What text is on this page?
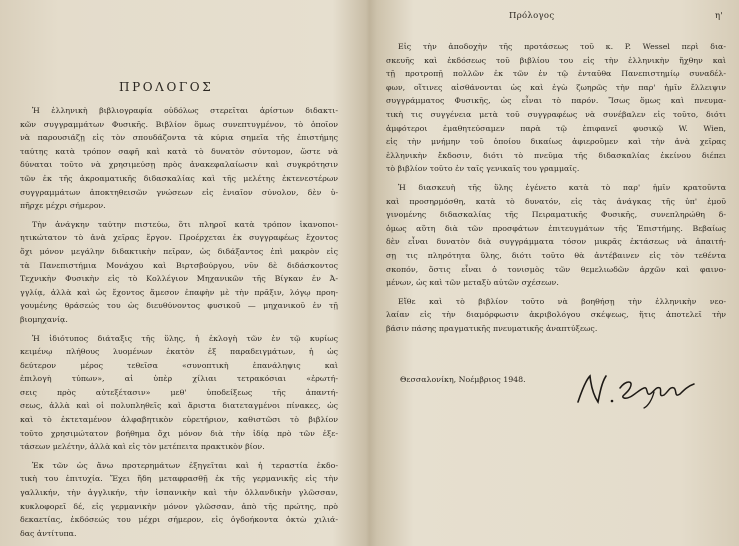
ΠΡΟΛΟΓΟΣ
Ἡ ἑλληνικὴ βιβλιογραφία οὐδόλως στερεῖται ἀρίστων διδακτι-
κῶν συγγραμμάτων Φυσικῆς. Βιβλίον ὅμως συνεπτυγμένον, τὸ ὁποῖον
νὰ παρουσιάζῃ εἰς τὸν σπουδάζοντα τὰ κύρια σημεῖα τῆς ἐπιστήμης
ταύτης κατὰ τρόπον σαφῆ καὶ κατὰ τὸ δυνατὸν σύντομον, ὥστε νὰ
δύναται τοῦτο νὰ χρησιμεύσῃ πρὸς ἀνακεφαλαίωσιν καὶ συγκρότησιν
τῶν ἐκ τῆς ἀκροαματικῆς διδασκαλίας καὶ τῆς μελέτης ἐκτενεστέρων
συγγραμμάτων ἀποκτηθεισῶν γνώσεων εἰς ἑνιαῖον σύνολον, δὲν ὑ-
πῆρχε μέχρι σήμερον.
Τὴν ἀνάγκην ταύτην πιστεύω, ὅτι πληροῖ κατὰ τρόπον ἱκανοποι-
ητικώτατον τὸ ἀνὰ χεῖρας ἔργον. Προέρχεται ἐκ συγγραφέως ἔχοντος
ὄχι μόνον μεγάλην διδακτικὴν πεῖραν, ὡς διδάξαντος ἐπὶ μακρὸν εἰς
τὰ Πανεπιστήμια Μονάχου καὶ Βιρτσβούργου, νῦν δὲ διδάσκοντος
Τεχνικὴν Φυσικὴν εἰς τὸ Κολλέγιον Μηχανικῶν τῆς Βίγκαν ἐν Ἀ-
γγλίᾳ, ἀλλὰ καὶ ὡς ἔχοντος ἄμεσον ἐπαφὴν μὲ τὴν πρᾶξιν, λόγῳ προη-
γουμένης θράσεώς του ὡς διευθύνοντος φυσικοῦ — μηχανικοῦ ἐν τῇ
βιομηχανίᾳ.
Ἡ ἰδιότυπος διάταξις τῆς ὕλης, ἡ ἐκλογὴ τῶν ἐν τῷ κυρίως
κειμένῳ πλήθους λυομένων ἑκατὸν ἐξ παραδειγμάτων, ἡ ὡς
δεύτερον μέρος τεθεῖσα «συνοπτικὴ ἐπανάληψις καὶ
ἐπιλογὴ τύπων», αἱ ὑπὲρ χίλιαι τετρακόσιαι «ἐρωτή-
σεις πρὸς αὐτεξέτασιν» μεθ' ὑποδείξεως τῆς ἀπαντή-
σεως, ἀλλὰ καὶ οἱ πολυπληθεῖς καὶ ἄριστα διατεταγμένοι πίνακες, ὡς
καὶ τὸ ἐκτεταμένον ἀλφαβητικὸν εὑρετήριον, καθιστῶσι τὸ βιβλίον
τοῦτο χρησιμώτατον βοήθημα ὄχι μόνον διὰ τὴν ἰδίᾳ πρὸ τῶν ἐξε-
τάσεων μελέτην, ἀλλὰ καὶ εἰς τὸν μετέπειτα πρακτικὸν βίον.
Ἐκ τῶν ὡς ἄνω προτερημάτων ἐξηγεῖται καὶ ἡ τεραστία ἐκδο-
τικὴ του ἐπιτυχία. Ἔχει ἤδη μεταφρασθῇ ἐκ τῆς γερμανικῆς εἰς τὴν
γαλλικήν, τὴν ἀγγλικήν, τὴν ἰσπανικὴν καὶ τὴν ὁλλανδικὴν γλῶσσαν,
κυκλοφορεῖ δέ, εἰς γερμανικὴν μόνον γλῶσσαν, ἀπὸ τῆς πρώτης, πρὸ
δεκαετίας, ἐκδόσεώς του μέχρι σήμερον, εἰς ὀγδοήκοντα ὀκτὼ χιλιά-
δας ἀντίτυπα.
Πρόλογος	η'
Εἰς τὴν ἀποδοχὴν τῆς προτάσεως τοῦ κ. P. Wessel περὶ δια-
σκευῆς καὶ ἐκδόσεως τοῦ βιβλίου του εἰς τὴν ἑλληνικὴν ἤχθην καὶ
τῇ προτροπῇ πολλῶν ἐκ τῶν ἐν τῷ ἐνταῦθα Πανεπιστημίῳ συναδέλ-
φων, οἵτινες αἰσθάνονται ὡς καὶ ἐγὼ ζωηρῶς τὴν παρ' ἡμῖν ἔλλειψιν
συγγράμματος Φυσικῆς, ὡς εἶναι τὸ παρόν. Ἴσως ὅμως καὶ πνευμα-
τικὴ τις συγγένεια μετὰ τοῦ συγγραφέως νὰ συνέβαλεν εἰς τοῦτο, διότι
ἀμφότεροι ἐμαθητεύσαμεν παρὰ τῷ ἐπιφανεῖ φυσικῷ W. Wien,
εἰς τὴν μνήμην τοῦ ὁποίου δικαίως ἀφιεροῦμεν καὶ τὴν ἀνὰ χεῖρας
ἑλληνικὴν ἔκδοσιν, διότι τὸ πνεῦμα τῆς διδασκαλίας ἐκείνου διέπει
τὸ βιβλίον τοῦτο ἐν ταῖς γενικαῖς του γραμμαῖς.
Ἡ διασκευὴ τῆς ὕλης ἐγένετο κατὰ τὸ παρ' ἡμῖν κρατοῦντα
καὶ προσηρμόσθη, κατὰ τὸ δυνατόν, εἰς τὰς ἀνάγκας τῆς ὑπ' ἐμοῦ
γινομένης διδασκαλίας τῆς Πειραματικῆς Φυσικῆς, συνεπληρώθη δ-
ὁμως αὕτη διὰ τῶν προσφάτων ἐπιτευγμάτων τῆς Ἐπιστήμης. Βεβαίως
δὲν εἶναι δυνατὸν διὰ συγγράμματα τόσον μικρᾶς ἐκτάσεως νὰ ἀπαιτή-
σῃ τις πληρότητα ὕλης, διότι τοῦτο θὰ ἀντέβαινεν εἰς τὸν τεθέντα
σκοπόν, ὅστις εἶναι ὁ τονισμὸς τῶν θεμελιωδῶν ἀρχῶν καὶ φαινο-
μένων, ὡς καὶ τῶν μεταξὺ αὐτῶν σχέσεων.
Εἴθε καὶ τὸ βιβλίον τοῦτο νὰ βοηθήσῃ τὴν ἑλληνικὴν νεο-
λαίαν εἰς τὴν διαμόρφωσιν ἀκριβολόγου σκέψεως, ἥτις ἀποτελεῖ τὴν
βάσιν πάσης πραγματικῆς πνευματικῆς ἀναπτύξεως.
Θεσσαλονίκη, Νοέμβριος 1948.
